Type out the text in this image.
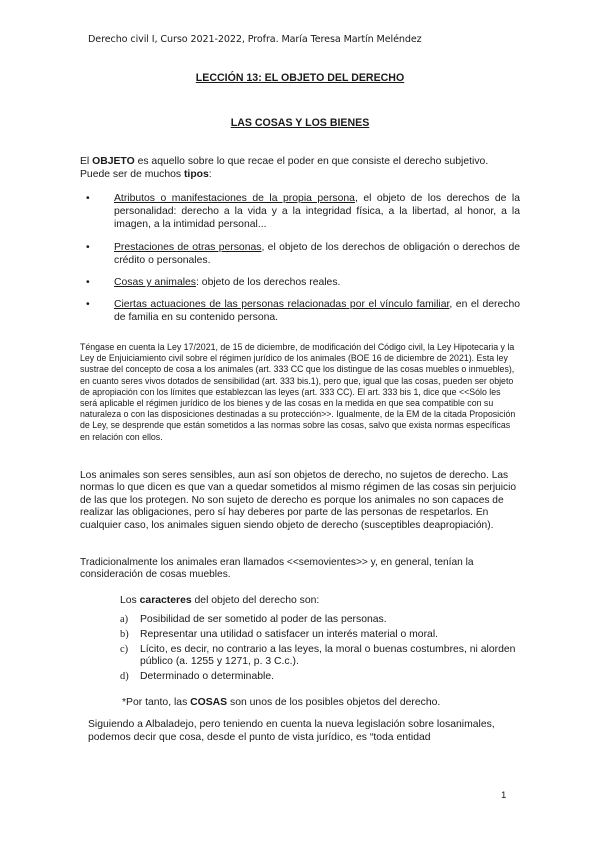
Derecho civil I, Curso 2021-2022, Profra. María Teresa Martín Meléndez
LECCIÓN 13: EL OBJETO DEL DERECHO
LAS COSAS Y LOS BIENES
El OBJETO es aquello sobre lo que recae el poder en que consiste el derecho subjetivo. Puede ser de muchos tipos:
• Atributos o manifestaciones de la propia persona, el objeto de los derechos de la personalidad: derecho a la vida y a la integridad física, a la libertad, al honor, a la imagen, a la intimidad personal...
• Prestaciones de otras personas, el objeto de los derechos de obligación o derechos de crédito o personales.
• Cosas y animales: objeto de los derechos reales.
• Ciertas actuaciones de las personas relacionadas por el vínculo familiar, en el derecho de familia en su contenido persona.
Téngase en cuenta la Ley 17/2021, de 15 de diciembre, de modificación del Código civil, la Ley Hipotecaria y la Ley de Enjuiciamiento civil sobre el régimen jurídico de los animales (BOE 16 de diciembre de 2021). Esta ley sustrae del concepto de cosa a los animales (art. 333 CC que los distingue de las cosas muebles o inmuebles), en cuanto seres vivos dotados de sensibilidad (art. 333 bis.1), pero que, igual que las cosas, pueden ser objeto de apropiación con los límites que establezcan las leyes (art. 333 CC). El art. 333 bis 1, dice que <<Sólo les será aplicable el régimen jurídico de los bienes y de las cosas en la medida en que sea compatible con su naturaleza o con las disposiciones destinadas a su protección>>. Igualmente, de la EM de la citada Proposición de Ley, se desprende que están sometidos a las normas sobre las cosas, salvo que exista normas específicas en relación con ellos.
Los animales son seres sensibles, aun así son objetos de derecho, no sujetos de derecho. Las normas lo que dicen es que van a quedar sometidos al mismo régimen de las cosas sin perjuicio de las que los protegen. No son sujeto de derecho es porque los animales no son capaces de realizar las obligaciones, pero sí hay deberes por parte de las personas de respetarlos. En cualquier caso, los animales siguen siendo objeto de derecho (susceptibles deapropiación).
Tradicionalmente los animales eran llamados <<semovientes>> y, en general, tenían la consideración de cosas muebles.
Los caracteres del objeto del derecho son:
a) Posibilidad de ser sometido al poder de las personas.
b) Representar una utilidad o satisfacer un interés material o moral.
c) Lícito, es decir, no contrario a las leyes, la moral o buenas costumbres, ni alorden público (a. 1255 y 1271, p. 3 C.c.).
d) Determinado o determinable.
*Por tanto, las COSAS son unos de los posibles objetos del derecho.
Siguiendo a Albaladejo, pero teniendo en cuenta la nueva legislación sobre losanimales, podemos decir que cosa, desde el punto de vista jurídico, es “toda entidad
1
